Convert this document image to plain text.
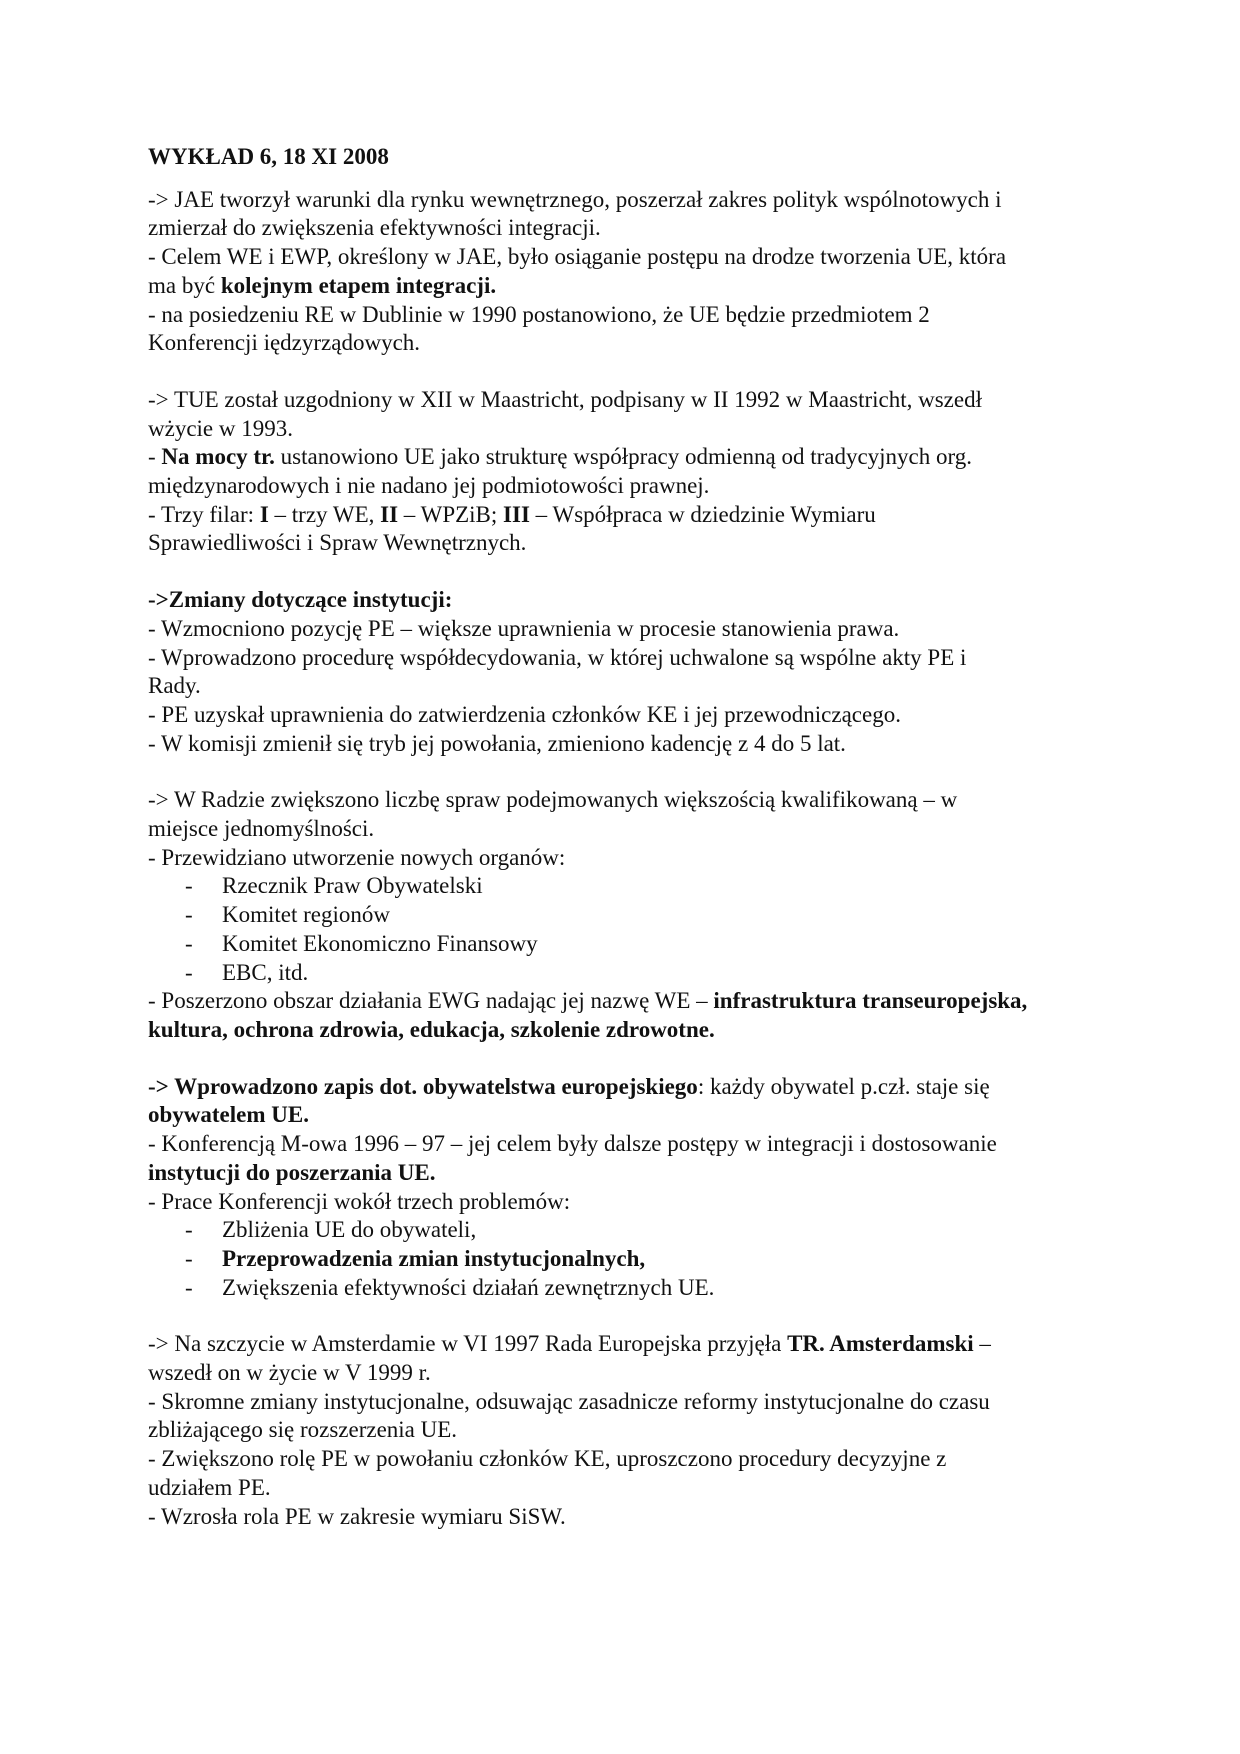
WYKŁAD 6, 18 XI 2008
-> JAE tworzył warunki dla rynku wewnętrznego, poszerzał zakres polityk wspólnotowych i
zmierzał do zwiększenia efektywności integracji.
- Celem WE i EWP, określony w JAE, było osiąganie postępu na drodze tworzenia UE, która
ma być kolejnym etapem integracji.
- na posiedzeniu RE w Dublinie w 1990 postanowiono, że UE będzie przedmiotem 2
Konferencji iędzyrządowych.
-> TUE został uzgodniony w XII w Maastricht, podpisany w II 1992 w Maastricht, wszedł
wżycie w 1993.
- Na mocy tr. ustanowiono UE jako strukturę współpracy odmienną od tradycyjnych org.
międzynarodowych i nie nadano jej podmiotowości prawnej.
- Trzy filar: I – trzy WE, II – WPZiB; III – Współpraca w dziedzinie Wymiaru
Sprawiedliwości i Spraw Wewnętrznych.
->Zmiany dotyczące instytucji:
- Wzmocniono pozycję PE – większe uprawnienia w procesie stanowienia prawa.
- Wprowadzono procedurę współdecydowania, w której uchwalone są wspólne akty PE i
Rady.
- PE uzyskał uprawnienia do zatwierdzenia członków KE i jej przewodniczącego.
- W komisji zmienił się tryb jej powołania, zmieniono kadencję z 4 do 5 lat.
-> W Radzie zwiększono liczbę spraw podejmowanych większością kwalifikowaną – w
miejsce jednomyślności.
- Przewidziano utworzenie nowych organów:
- Rzecznik Praw Obywatelski
- Komitet regionów
- Komitet Ekonomiczno Finansowy
- EBC, itd.
- Poszerzono obszar działania EWG nadając jej nazwę WE – infrastruktura transeuropejska,
kultura, ochrona zdrowia, edukacja, szkolenie zdrowotne.
-> Wprowadzono zapis dot. obywatelstwa europejskiego: każdy obywatel p.czł. staje się
obywatelem UE.
- Konferencją M-owa 1996 – 97 – jej celem były dalsze postępy w integracji i dostosowanie
instytucji do poszerzania UE.
- Prace Konferencji wokół trzech problemów:
- Zbliżenia UE do obywateli,
- Przeprowadzenia zmian instytucjonalnych,
- Zwiększenia efektywności działań zewnętrznych UE.
-> Na szczycie w Amsterdamie w VI 1997 Rada Europejska przyjęła TR. Amsterdamski –
wszedł on w życie w V 1999 r.
- Skromne zmiany instytucjonalne, odsuwając zasadnicze reformy instytucjonalne do czasu
zbliżającego się rozszerzenia UE.
- Zwiększono rolę PE w powołaniu członków KE, uproszczono procedury decyzyjne z
udziałem PE.
- Wzrosła rola PE w zakresie wymiaru SiSW.
